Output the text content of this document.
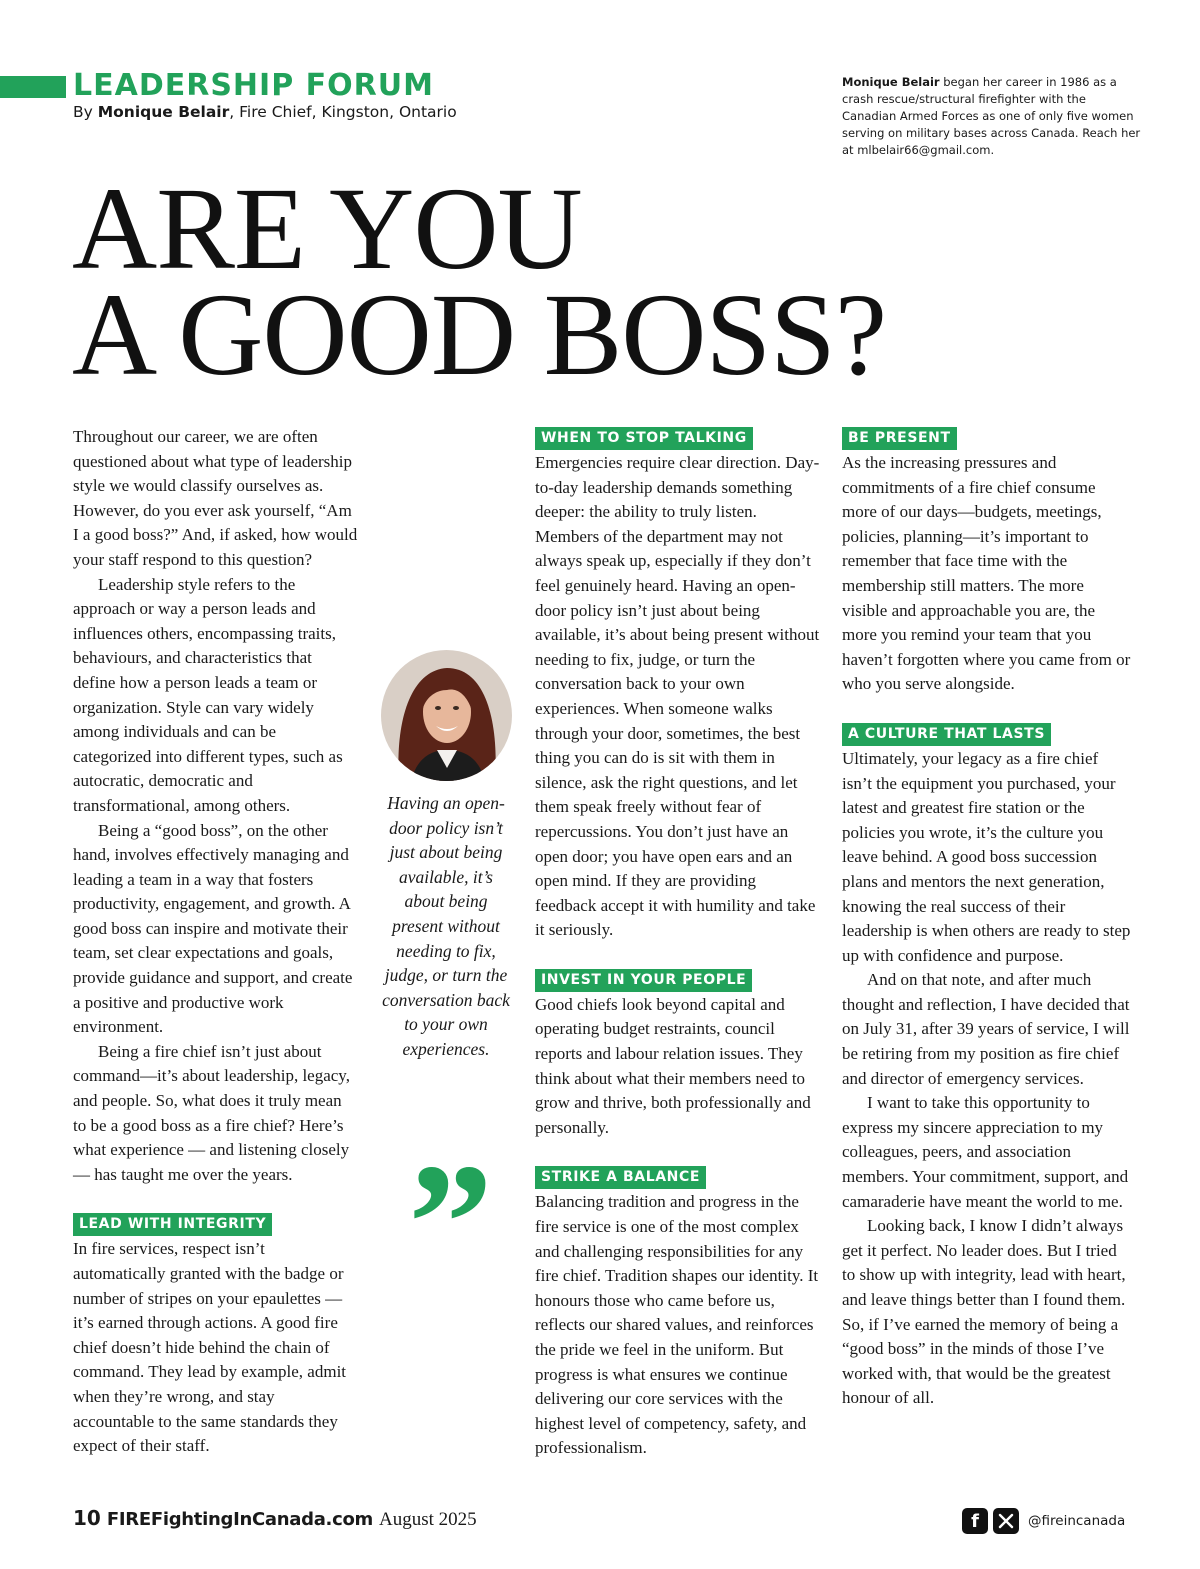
LEADERSHIP FORUM
By Monique Belair, Fire Chief, Kingston, Ontario
Monique Belair began her career in 1986 as a crash rescue/structural firefighter with the Canadian Armed Forces as one of only five women serving on military bases across Canada. Reach her at mlbelair66@gmail.com.
ARE YOU
A GOOD BOSS?

Throughout our career, we are often questioned about what type of leadership style we would classify ourselves as. However, do you ever ask yourself, “Am I a good boss?” And, if asked, how would your staff respond to this question?

Leadership style refers to the approach or way a person leads and influences others, encompassing traits, behaviours, and characteristics that define how a person leads a team or organization. Style can vary widely among individuals and can be categorized into different types, such as autocratic, democratic and transformational, among others.

Being a “good boss”, on the other hand, involves effectively managing and leading a team in a way that fosters productivity, engagement, and growth. A good boss can inspire and motivate their team, set clear expectations and goals, provide guidance and support, and create a positive and productive work environment.

Being a fire chief isn’t just about command—it’s about leadership, legacy, and people. So, what does it truly mean to be a good boss as a fire chief? Here’s what experience — and listening closely — has taught me over the years.

LEAD WITH INTEGRITY

In fire services, respect isn’t automatically granted with the badge or number of stripes on your epaulettes — it’s earned through actions. A good fire chief doesn’t hide behind the chain of command. They lead by example, admit when they’re wrong, and stay accountable to the same standards they expect of their staff.

Having an open-door policy isn’t just about being available, it’s about being present without needing to fix, judge, or turn the conversation back to your own experiences.
”
WHEN TO STOP TALKING

Emergencies require clear direction. Day-to-day leadership demands something deeper: the ability to truly listen. Members of the department may not always speak up, especially if they don’t feel genuinely heard. Having an open-door policy isn’t just about being available, it’s about being present without needing to fix, judge, or turn the conversation back to your own experiences. When someone walks through your door, sometimes, the best thing you can do is sit with them in silence, ask the right questions, and let them speak freely without fear of repercussions. You don’t just have an open door; you have open ears and an open mind. If they are providing feedback accept it with humility and take it seriously.

INVEST IN YOUR PEOPLE

Good chiefs look beyond capital and operating budget restraints, council reports and labour relation issues. They think about what their members need to grow and thrive, both professionally and personally.

STRIKE A BALANCE

Balancing tradition and progress in the fire service is one of the most complex and challenging responsibilities for any fire chief. Tradition shapes our identity. It honours those who came before us, reflects our shared values, and reinforces the pride we feel in the uniform. But progress is what ensures we continue delivering our core services with the highest level of competency, safety, and professionalism.

BE PRESENT

As the increasing pressures and commitments of a fire chief consume more of our days—budgets, meetings, policies, planning—it’s important to remember that face time with the membership still matters. The more visible and approachable you are, the more you remind your team that you haven’t forgotten where you came from or who you serve alongside.

A CULTURE THAT LASTS

Ultimately, your legacy as a fire chief isn’t the equipment you purchased, your latest and greatest fire station or the policies you wrote, it’s the culture you leave behind. A good boss succession plans and mentors the next generation, knowing the real success of their leadership is when others are ready to step up with confidence and purpose.

And on that note, and after much thought and reflection, I have decided that on July 31, after 39 years of service, I will be retiring from my position as fire chief and director of emergency services.

I want to take this opportunity to express my sincere appreciation to my colleagues, peers, and association members. Your commitment, support, and camaraderie have meant the world to me.

Looking back, I know I didn’t always get it perfect. No leader does. But I tried to show up with integrity, lead with heart, and leave things better than I found them. So, if I’ve earned the memory of being a “good boss” in the minds of those I’ve worked with, that would be the greatest honour of all.

10 FIREFightingInCanada.com August 2025	f	@fireincanada
